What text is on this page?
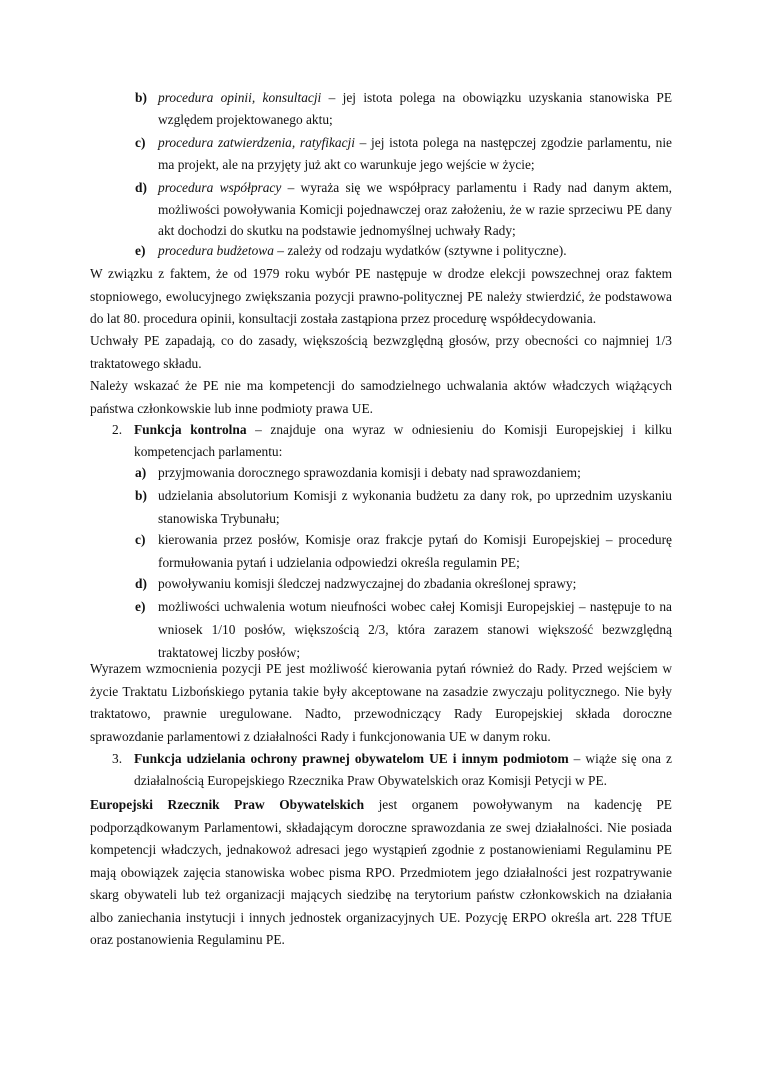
b) procedura opinii, konsultacji – jej istota polega na obowiązku uzyskania stanowiska PE względem projektowanego aktu;
c) procedura zatwierdzenia, ratyfikacji – jej istota polega na następczej zgodzie parlamentu, nie ma projekt, ale na przyjęty już akt co warunkuje jego wejście w życie;
d) procedura współpracy – wyraża się we współpracy parlamentu i Rady nad danym aktem, możliwości powoływania Komicji pojednawczej oraz założeniu, że w razie sprzeciwu PE dany akt dochodzi do skutku na podstawie jednomyślnej uchwały Rady;
e) procedura budżetowa – zależy od rodzaju wydatków (sztywne i polityczne).
W związku z faktem, że od 1979 roku wybór PE następuje w drodze elekcji powszechnej oraz faktem stopniowego, ewolucyjnego zwiększania pozycji prawno-politycznej PE należy stwierdzić, że podstawowa do lat 80. procedura opinii, konsultacji została zastąpiona przez procedurę współdecydowania.
Uchwały PE zapadają, co do zasady, większością bezwzględną głosów, przy obecności co najmniej 1/3 traktatowego składu.
Należy wskazać że PE nie ma kompetencji do samodzielnego uchwalania aktów władczych wiążących państwa członkowskie lub inne podmioty prawa UE.
2. Funkcja kontrolna – znajduje ona wyraz w odniesieniu do Komisji Europejskiej i kilku kompetencjach parlamentu:
a) przyjmowania dorocznego sprawozdania komisji i debaty nad sprawozdaniem;
b) udzielania absolutorium Komisji z wykonania budżetu za dany rok, po uprzednim uzyskaniu stanowiska Trybunału;
c) kierowania przez posłów, Komisje oraz frakcje pytań do Komisji Europejskiej – procedurę formułowania pytań i udzielania odpowiedzi określa regulamin PE;
d) powoływaniu komisji śledczej nadzwyczajnej do zbadania określonej sprawy;
e) możliwości uchwalenia wotum nieufności wobec całej Komisji Europejskiej – następuje to na wniosek 1/10 posłów, większością 2/3, która zarazem stanowi większość bezwzględną traktatowej liczby posłów;
Wyrazem wzmocnienia pozycji PE jest możliwość kierowania pytań również do Rady. Przed wejściem w życie Traktatu Lizbońskiego pytania takie były akceptowane na zasadzie zwyczaju politycznego. Nie były traktatowo, prawnie uregulowane. Nadto, przewodniczący Rady Europejskiej składa doroczne sprawozdanie parlamentowi z działalności Rady i funkcjonowania UE w danym roku.
3. Funkcja udzielania ochrony prawnej obywatelom UE i innym podmiotom – wiąże się ona z działalnością Europejskiego Rzecznika Praw Obywatelskich oraz Komisji Petycji w PE.
Europejski Rzecznik Praw Obywatelskich jest organem powoływanym na kadencję PE podporządkowanym Parlamentowi, składającym doroczne sprawozdania ze swej działalności. Nie posiada kompetencji władczych, jednakowoż adresaci jego wystąpień zgodnie z postanowieniami Regulaminu PE mają obowiązek zajęcia stanowiska wobec pisma RPO. Przedmiotem jego działalności jest rozpatrywanie skarg obywateli lub też organizacji mających siedzibę na terytorium państw członkowskich na działania albo zaniechania instytucji i innych jednostek organizacyjnych UE. Pozycję ERPO określa art. 228 TfUE oraz postanowienia Regulaminu PE.
